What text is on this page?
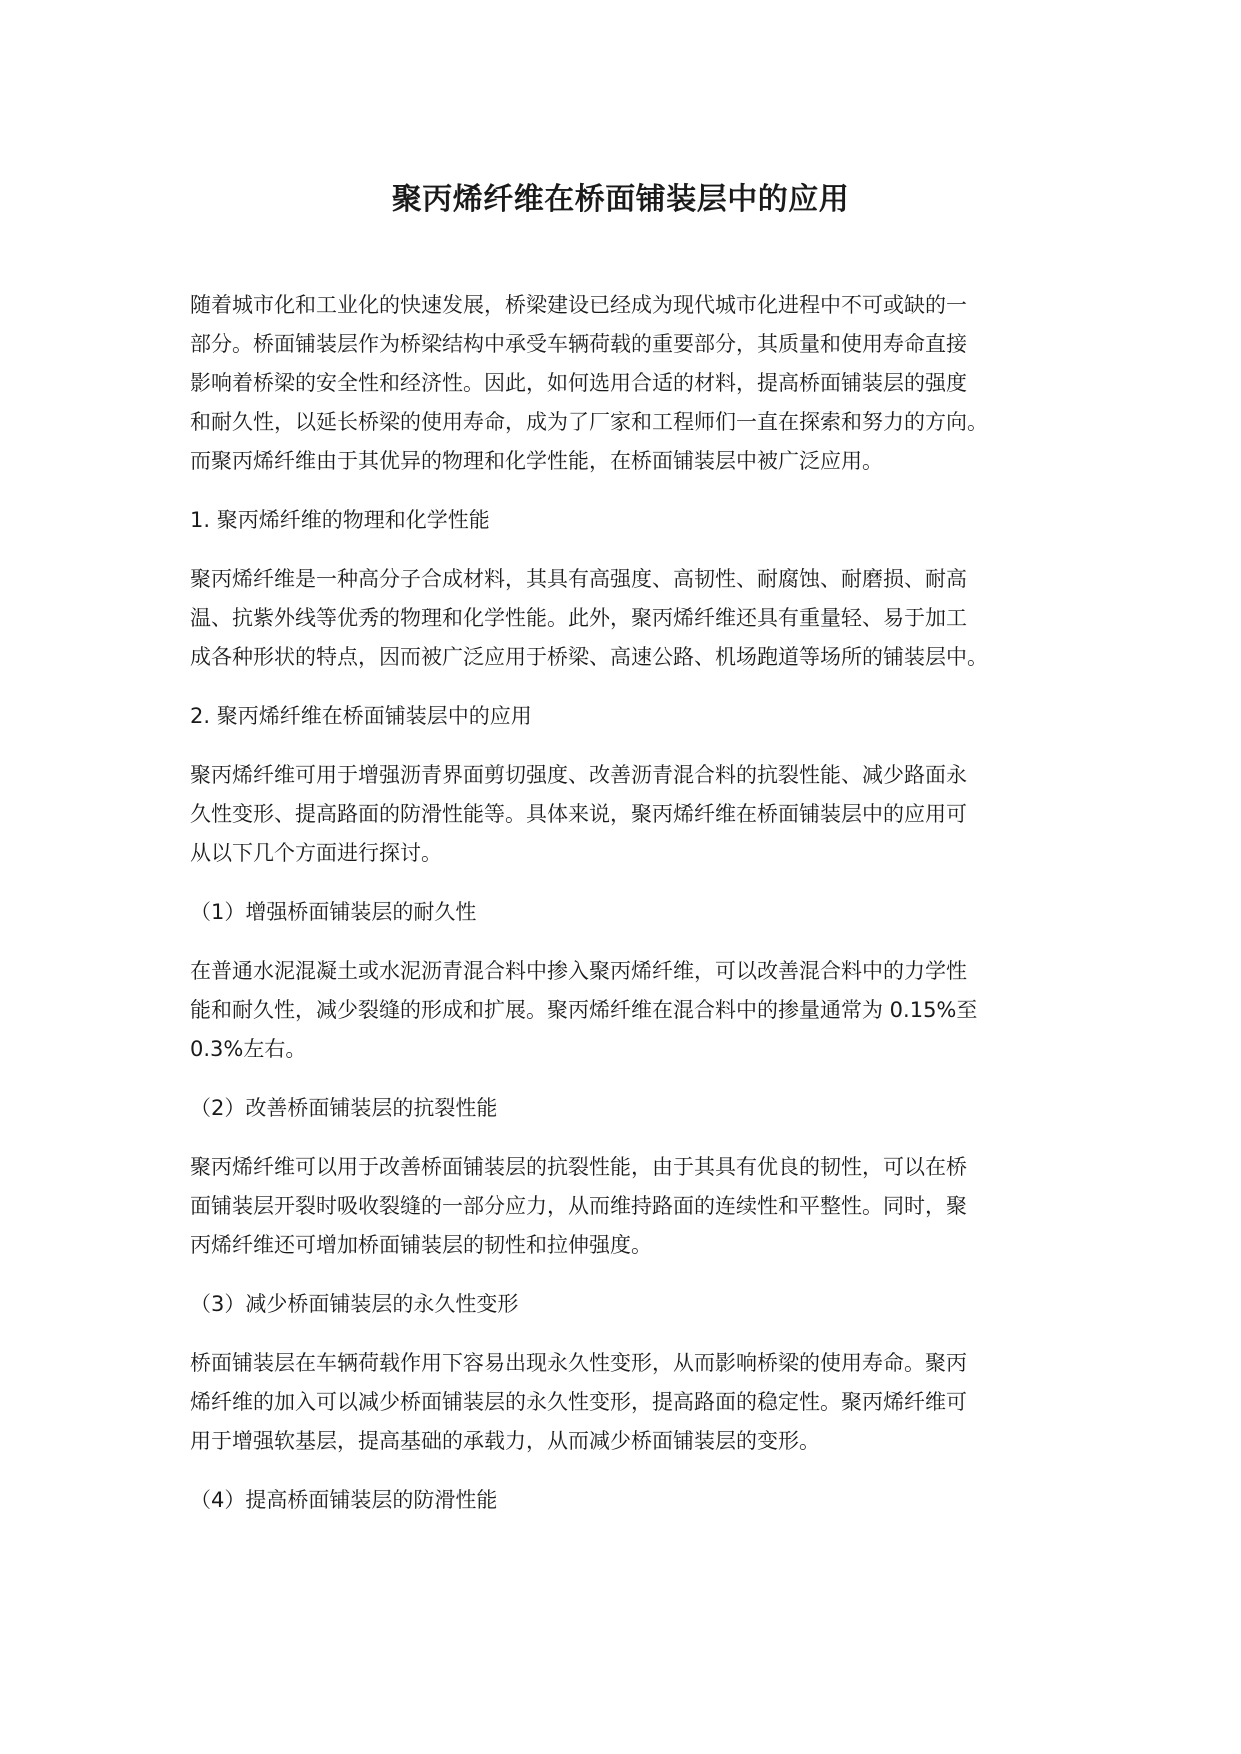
聚丙烯纤维在桥面铺装层中的应用

随着城市化和工业化的快速发展，桥梁建设已经成为现代城市化进程中不可或缺的一
部分。桥面铺装层作为桥梁结构中承受车辆荷载的重要部分，其质量和使用寿命直接
影响着桥梁的安全性和经济性。因此，如何选用合适的材料，提高桥面铺装层的强度
和耐久性，以延长桥梁的使用寿命，成为了厂家和工程师们一直在探索和努力的方向。
而聚丙烯纤维由于其优异的物理和化学性能，在桥面铺装层中被广泛应用。

1. 聚丙烯纤维的物理和化学性能

聚丙烯纤维是一种高分子合成材料，其具有高强度、高韧性、耐腐蚀、耐磨损、耐高
温、抗紫外线等优秀的物理和化学性能。此外，聚丙烯纤维还具有重量轻、易于加工
成各种形状的特点，因而被广泛应用于桥梁、高速公路、机场跑道等场所的铺装层中。

2. 聚丙烯纤维在桥面铺装层中的应用

聚丙烯纤维可用于增强沥青界面剪切强度、改善沥青混合料的抗裂性能、减少路面永
久性变形、提高路面的防滑性能等。具体来说，聚丙烯纤维在桥面铺装层中的应用可
从以下几个方面进行探讨。

（1）增强桥面铺装层的耐久性

在普通水泥混凝土或水泥沥青混合料中掺入聚丙烯纤维，可以改善混合料中的力学性
能和耐久性，减少裂缝的形成和扩展。聚丙烯纤维在混合料中的掺量通常为 0.15%至
0.3%左右。

（2）改善桥面铺装层的抗裂性能

聚丙烯纤维可以用于改善桥面铺装层的抗裂性能，由于其具有优良的韧性，可以在桥
面铺装层开裂时吸收裂缝的一部分应力，从而维持路面的连续性和平整性。同时，聚
丙烯纤维还可增加桥面铺装层的韧性和拉伸强度。

（3）减少桥面铺装层的永久性变形

桥面铺装层在车辆荷载作用下容易出现永久性变形，从而影响桥梁的使用寿命。聚丙
烯纤维的加入可以减少桥面铺装层的永久性变形，提高路面的稳定性。聚丙烯纤维可
用于增强软基层，提高基础的承载力，从而减少桥面铺装层的变形。

（4）提高桥面铺装层的防滑性能
